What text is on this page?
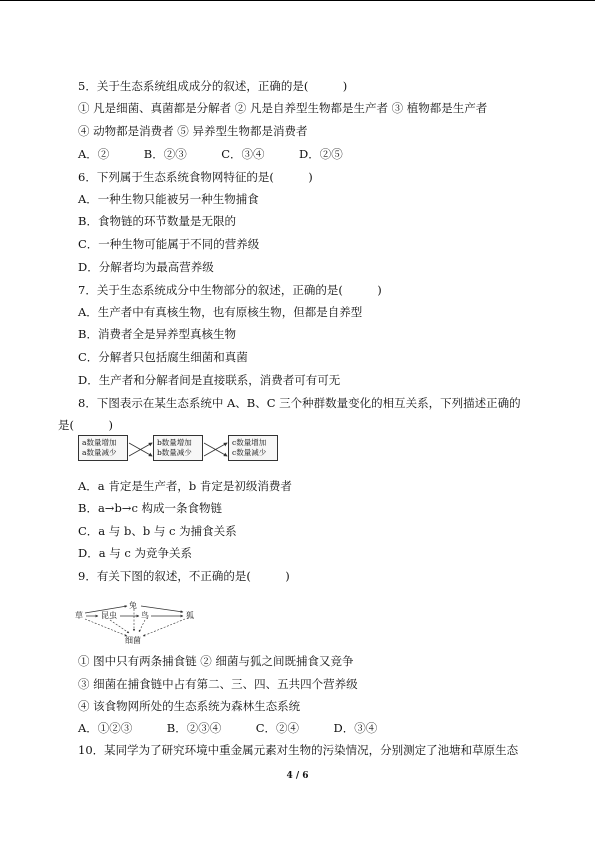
5．关于生态系统组成成分的叙述，正确的是(　　　)
① 凡是细菌、真菌都是分解者 ② 凡是自养型生物都是生产者 ③ 植物都是生产者
④ 动物都是消费者 ⑤ 异养型生物都是消费者
A．②　　　B．②③　　　C．③④　　　D．②⑤
6．下列属于生态系统食物网特征的是(　　　)
A．一种生物只能被另一种生物捕食
B．食物链的环节数量是无限的
C．一种生物可能属于不同的营养级
D．分解者均为最高营养级
7．关于生态系统成分中生物部分的叙述，正确的是(　　　)
A．生产者中有真核生物，也有原核生物，但都是自养型
B．消费者全是异养型真核生物
C．分解者只包括腐生细菌和真菌
D．生产者和分解者间是直接联系，消费者可有可无
8．下图表示在某生态系统中 A、B、C 三个种群数量变化的相互关系，下列描述正确的
是(　　　)
a数量增加
a数量减少
b数量增加
b数量减少
c数量增加
c数量减少
A．a 肯定是生产者，b 肯定是初级消费者
B．a→b→c 构成一条食物链
C．a 与 b、b 与 c 为捕食关系
D．a 与 c 为竞争关系
9．有关下图的叙述，不正确的是(　　　)
草
兔
昆虫	鸟	狐
细菌
① 图中只有两条捕食链 ② 细菌与狐之间既捕食又竞争
③ 细菌在捕食链中占有第二、三、四、五共四个营养级
④ 该食物网所处的生态系统为森林生态系统
A．①②③　　　B．②③④　　　C．②④　　　D．③④
10．某同学为了研究环境中重金属元素对生物的污染情况，分别测定了池塘和草原生态
4 / 6
